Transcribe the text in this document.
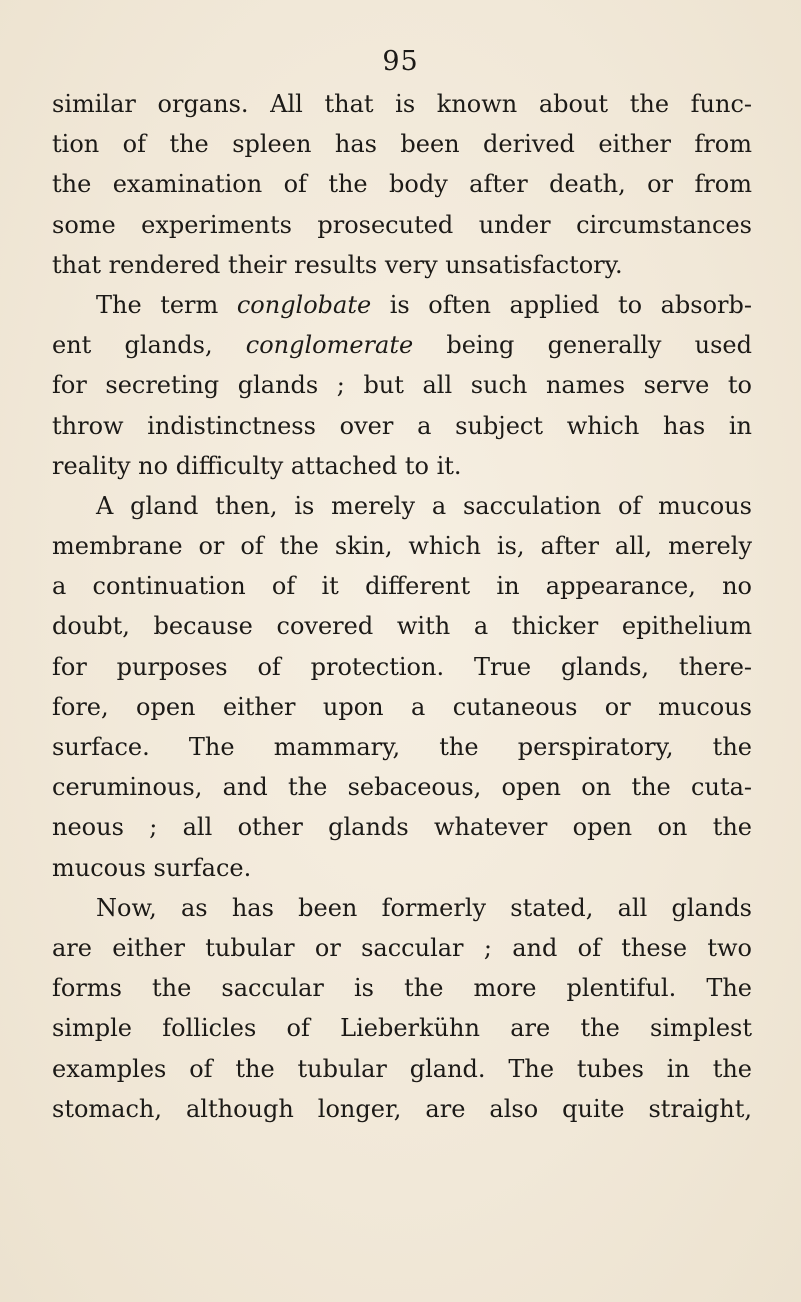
95
similar organs. All that is known about the func-
tion of the spleen has been derived either from
the examination of the body after death, or from
some experiments prosecuted under circumstances
that rendered their results very unsatisfactory.
The term conglobate is often applied to absorb-
ent glands, conglomerate being generally used
for secreting glands ; but all such names serve to
throw indistinctness over a subject which has in
reality no difficulty attached to it.
A gland then, is merely a sacculation of mucous
membrane or of the skin, which is, after all, merely
a continuation of it different in appearance, no
doubt, because covered with a thicker epithelium
for purposes of protection. True glands, there-
fore, open either upon a cutaneous or mucous
surface. The mammary, the perspiratory, the
ceruminous, and the sebaceous, open on the cuta-
neous ; all other glands whatever open on the
mucous surface.
Now, as has been formerly stated, all glands
are either tubular or saccular ; and of these two
forms the saccular is the more plentiful. The
simple follicles of Lieberkühn are the simplest
examples of the tubular gland. The tubes in the
stomach, although longer, are also quite straight,
